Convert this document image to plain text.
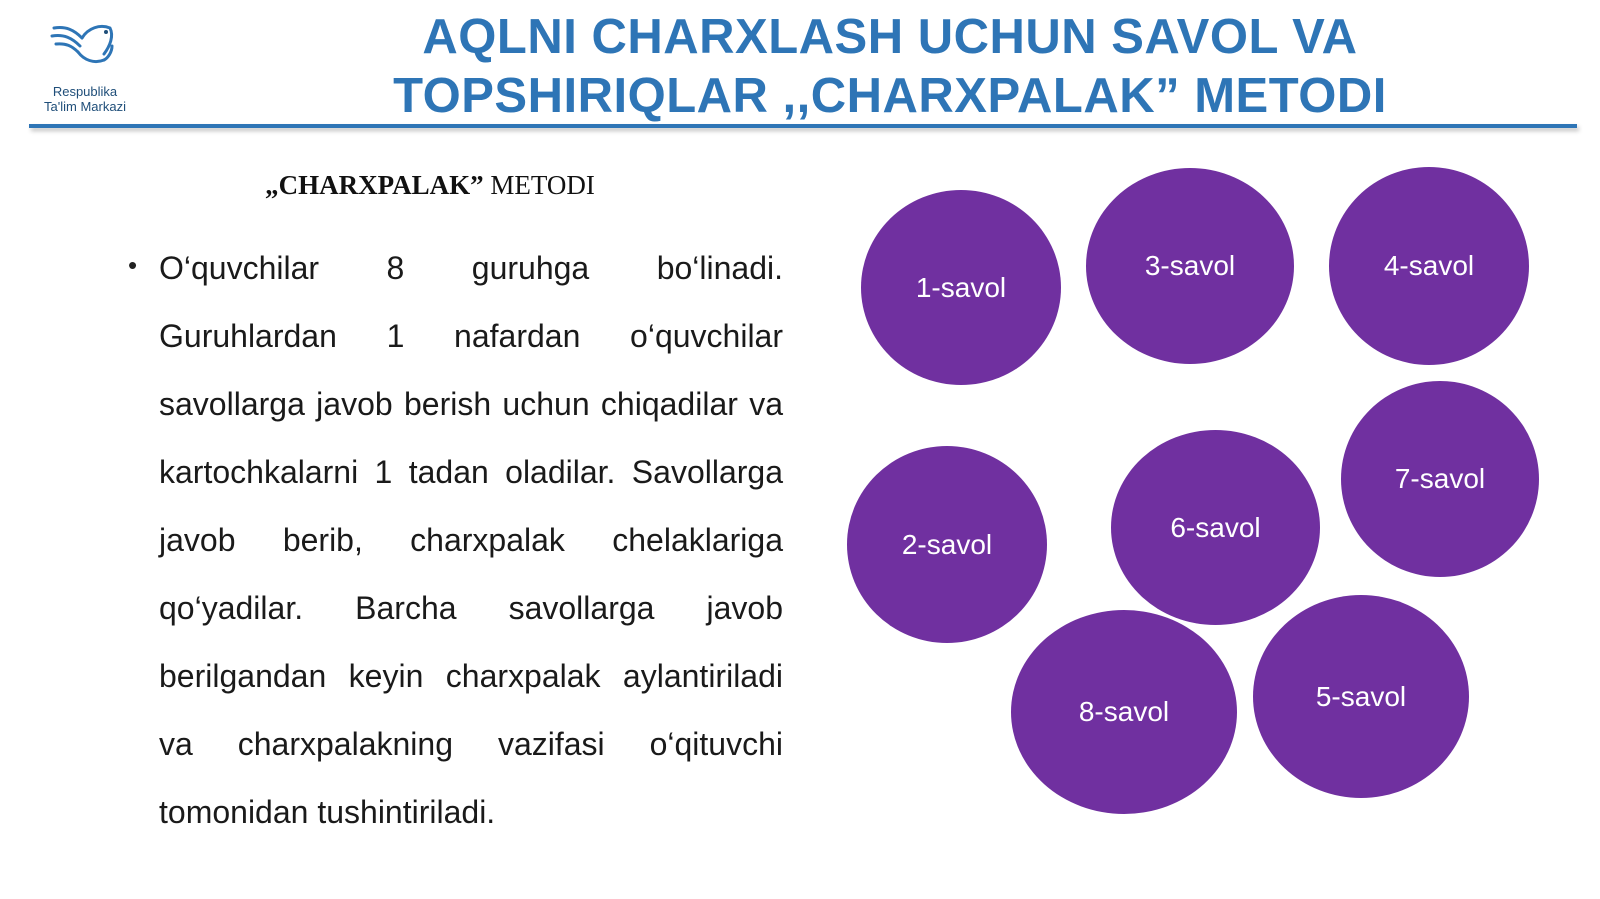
Respublika
Ta'lim Markazi
AQLNI CHARXLASH UCHUN SAVOL VA
TOPSHIRIQLAR ,,CHARXPALAK” METODI
„CHARXPALAK” METODI
• O‘quvchilar 8 guruhga bo‘linadi. Guruhlardan 1 nafardan o‘quvchilar savollarga javob berish uchun chiqadilar va kartochkalarni 1 tadan oladilar. Savollarga javob berib, charxpalak chelaklariga qo‘yadilar. Barcha savollarga javob berilgandan keyin charxpalak aylantiriladi va charxpalakning vazifasi o‘qituvchi tomonidan tushintiriladi.
1-savol
3-savol	4-savol
7-savol
2-savol
6-savol
8-savol	5-savol
